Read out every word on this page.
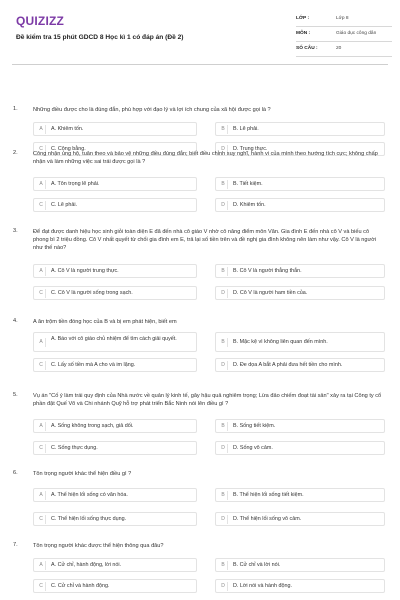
QUIZIZZ
Đề kiểm tra 15 phút GDCD 8 Học kì 1 có đáp án (Đề 2)
LỚP :	Lớp 8
MÔN :	Giáo dục công dân
SỐ CÂU :	20
1.	Những điều được cho là đúng đắn, phù hợp với đạo lý và lợi ích chung của xã hội được gọi là ?
A	A. Khiêm tốn.	B	B. Lẽ phải.
C	C. Công bằng.	D	D. Trung thực.
2.	Công nhận ủng hộ, tuân theo và bảo vệ những điều đúng đắn; biết điều chỉnh suy nghĩ, hành vi của mình theo hướng tích cực; không chấp nhận và làm những việc sai trái được gọi là ?
A	A. Tôn trọng lẽ phải.	B	B. Tiết kiệm.
C	C. Lẽ phải.	D	D. Khiêm tốn.
3.	Để đạt được danh hiệu học sinh giỏi toàn diện E đã đến nhà cô giáo V nhờ cô nâng điểm môn Văn. Gia đình E đến nhà cô V và biếu cô phong bì 2 triệu đồng. Cô V nhất quyết từ chối gia đình em E, trả lại số tiền trên và đề nghị gia đình không nên làm như vậy. Cô V là người như thế nào?
A	A. Cô V là người trung thực.	B	B. Cô V là người thẳng thắn.
C	C. Cô V là người sống trong sạch.	D	D. Cô V là người ham tiền của.
4.	A ăn trộm tiền đóng học của B và bị em phát hiện, biết em
A	A. Báo với cô giáo chủ nhiệm để tìm cách giải quyết.	B	B. Mặc kệ vì không liên quan đến mình.
C	C. Lấy số tiền mà A cho và im lặng.	D	D. Đe dọa A bắt A phải đưa hết tiền cho mình.
5.	Vụ án "Cố ý làm trái quy định của Nhà nước về quản lý kinh tế, gây hậu quả nghiêm trọng; Lừa đảo chiếm đoạt tài sản" xảy ra tại Công ty cổ phần đặt Quế Võ và Chi nhánh Quỹ hỗ trợ phát triển Bắc Ninh nói lên điều gì ?
A	A. Sống không trong sạch, giả dối.	B	B. Sống tiết kiệm.
C	C. Sống thực dụng.	D	D. Sống vô cảm.
6.	Tôn trọng người khác thể hiện điều gì ?
A	A. Thể hiện lối sống có văn hóa.	B	B. Thể hiện lối sống tiết kiệm.
C	C. Thể hiện lối sống thực dụng.	D	D. Thể hiện lối sống vô cảm.
7.	Tôn trọng người khác được thể hiện thông qua đâu?
A	A. Cử chỉ, hành động, lời nói.	B	B. Cử chỉ và lời nói.
C	C. Cử chỉ và hành động.	D	D. Lời nói và hành động.
